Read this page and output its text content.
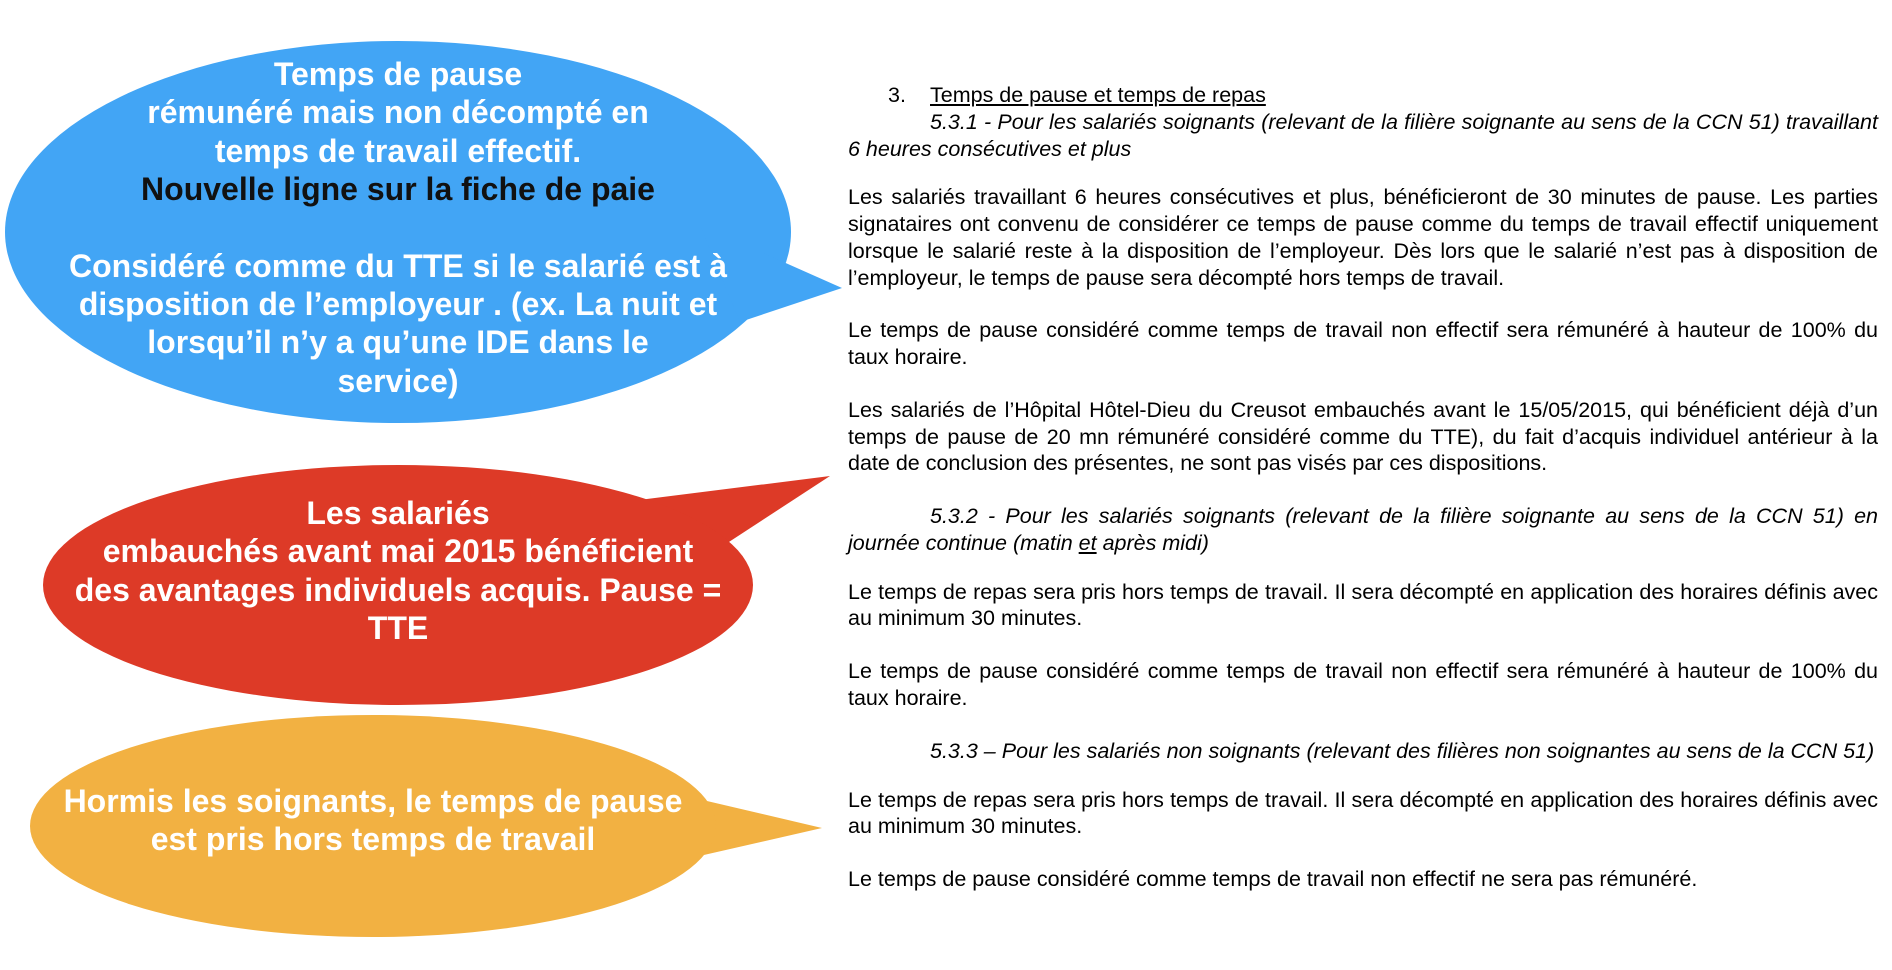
Temps de pause
rémunéré mais non décompté en
temps de travail effectif.
Nouvelle ligne sur la fiche de paie
Considéré comme du TTE si le salarié est à
disposition de l’employeur . (ex. La nuit et
lorsqu’il n’y a qu’une IDE dans le
service)
Les salariés
embauchés avant mai 2015 bénéficient
des avantages individuels acquis. Pause =
TTE
Hormis les soignants, le temps de pause
est pris hors temps de travail

3. Temps de pause et temps de repas

5.3.1 - Pour les salariés soignants (relevant de la filière soignante au sens de la CCN 51) travaillant 6 heures consécutives et plus

Les salariés travaillant 6 heures consécutives et plus, bénéficieront de 30 minutes de pause. Les parties signataires ont convenu de considérer ce temps de pause comme du temps de travail effectif uniquement lorsque le salarié reste à la disposition de l’employeur. Dès lors que le salarié n’est pas à disposition de l’employeur, le temps de pause sera décompté hors temps de travail.

Le temps de pause considéré comme temps de travail non effectif sera rémunéré à hauteur de 100% du taux horaire.

Les salariés de l’Hôpital Hôtel-Dieu du Creusot embauchés avant le 15/05/2015, qui bénéficient déjà d’un temps de pause de 20 mn rémunéré considéré comme du TTE), du fait d’acquis individuel antérieur à la date de conclusion des présentes, ne sont pas visés par ces dispositions.

5.3.2 - Pour les salariés soignants (relevant de la filière soignante au sens de la CCN 51) en journée continue (matin et après midi)

Le temps de repas sera pris hors temps de travail. Il sera décompté en application des horaires définis avec au minimum 30 minutes.

Le temps de pause considéré comme temps de travail non effectif sera rémunéré à hauteur de 100% du taux horaire.

5.3.3 – Pour les salariés non soignants (relevant des filières non soignantes au sens de la CCN 51)

Le temps de repas sera pris hors temps de travail. Il sera décompté en application des horaires définis avec au minimum 30 minutes.

Le temps de pause considéré comme temps de travail non effectif ne sera pas rémunéré.
